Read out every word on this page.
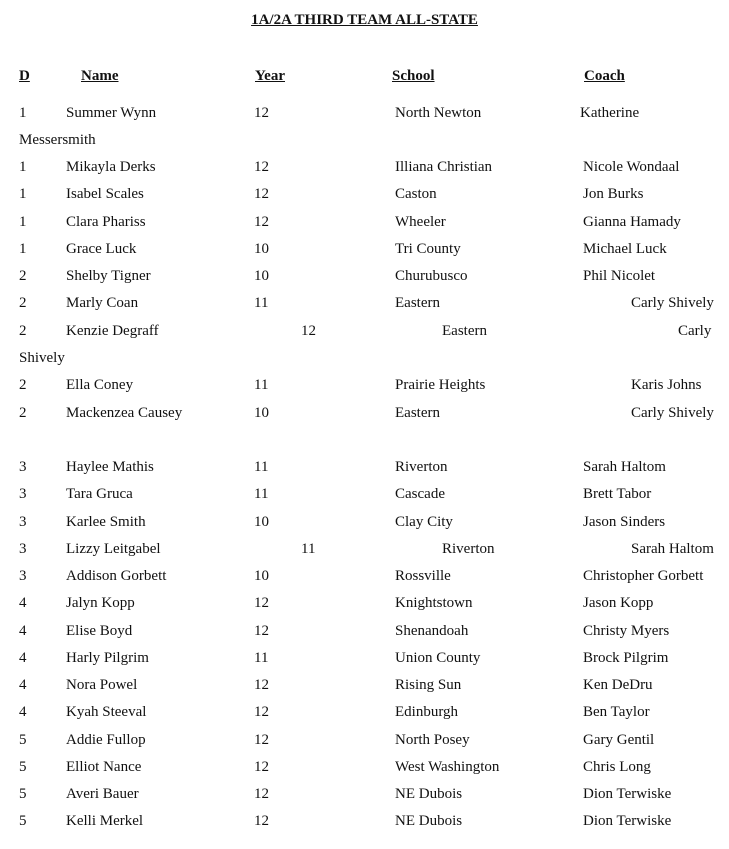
1A/2A THIRD TEAM ALL-STATE
D	Name	Year	School	Coach
1	Summer Wynn	12	North Newton	Katherine
Messersmith
1	Mikayla Derks	12	Illiana Christian	Nicole Wondaal
1	Isabel Scales	12	Caston	Jon Burks
1	Clara Phariss	12	Wheeler	Gianna Hamady
1	Grace Luck	10	Tri County	Michael Luck
2	Shelby Tigner	10	Churubusco	Phil Nicolet
2	Marly Coan	11	Eastern	Carly Shively
2	Kenzie Degraff	12	Eastern	Carly
Shively
2	Ella Coney	11	Prairie Heights	Karis Johns
2	Mackenzea Causey	10	Eastern	Carly Shively
3	Haylee Mathis	11	Riverton	Sarah Haltom
3	Tara Gruca	11	Cascade	Brett Tabor
3	Karlee Smith	10	Clay City	Jason Sinders
3	Lizzy Leitgabel	11	Riverton	Sarah Haltom
3	Addison Gorbett	10	Rossville	Christopher Gorbett
4	Jalyn Kopp	12	Knightstown	Jason Kopp
4	Elise Boyd	12	Shenandoah	Christy Myers
4	Harly Pilgrim	11	Union County	Brock Pilgrim
4	Nora Powel	12	Rising Sun	Ken DeDru
4	Kyah Steeval	12	Edinburgh	Ben Taylor
5	Addie Fullop	12	North Posey	Gary Gentil
5	Elliot Nance	12	West Washington	Chris Long
5	Averi Bauer	12	NE Dubois	Dion Terwiske
5	Kelli Merkel	12	NE Dubois	Dion Terwiske
